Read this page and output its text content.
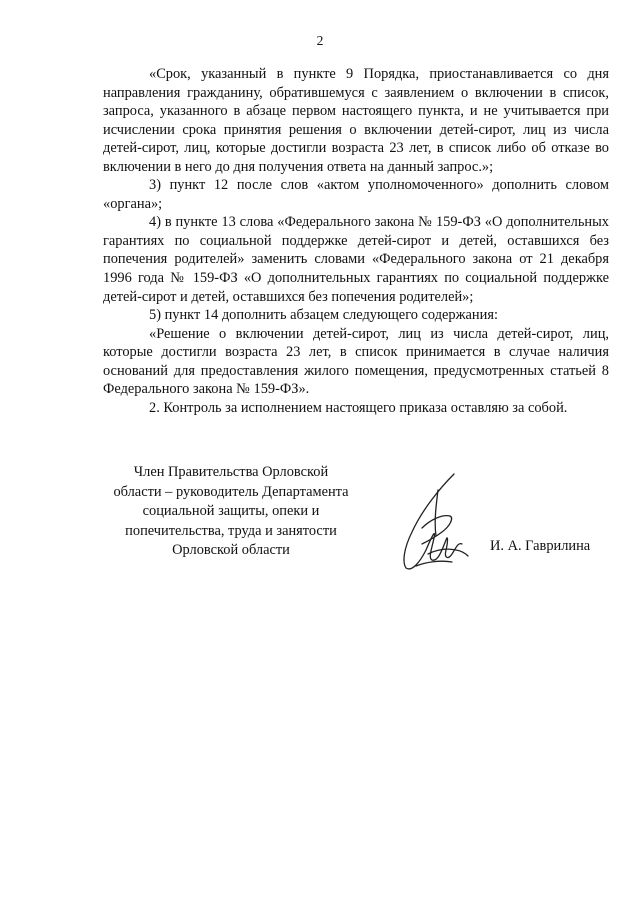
2

«Срок, указанный в пункте 9 Порядка, приостанавливается со дня направления гражданину, обратившемуся с заявлением о включении в список, запроса, указанного в абзаце первом настоящего пункта, и не учитывается при исчислении срока принятия решения о включении детей-сирот, лиц из числа детей-сирот, лиц, которые достигли возраста 23 лет, в список либо об отказе во включении в него до дня получения ответа на данный запрос.»;

3) пункт 12 после слов «актом уполномоченного» дополнить словом «органа»;

4) в пункте 13 слова «Федерального закона № 159-ФЗ «О дополнительных гарантиях по социальной поддержке детей-сирот и детей, оставшихся без попечения родителей» заменить словами «Федерального закона от 21 декабря 1996 года № 159-ФЗ «О дополнительных гарантиях по социальной поддержке детей-сирот и детей, оставшихся без попечения родителей»;

5) пункт 14 дополнить абзацем следующего содержания:

«Решение о включении детей-сирот, лиц из числа детей-сирот, лиц, которые достигли возраста 23 лет, в список принимается в случае наличия оснований для предоставления жилого помещения, предусмотренных статьей 8 Федерального закона № 159-ФЗ».

2. Контроль за исполнением настоящего приказа оставляю за собой.

Член Правительства Орловской
области – руководитель Департамента
социальной защиты, опеки и
попечительства, труда и занятости
Орловской области	И. А. Гаврилина
